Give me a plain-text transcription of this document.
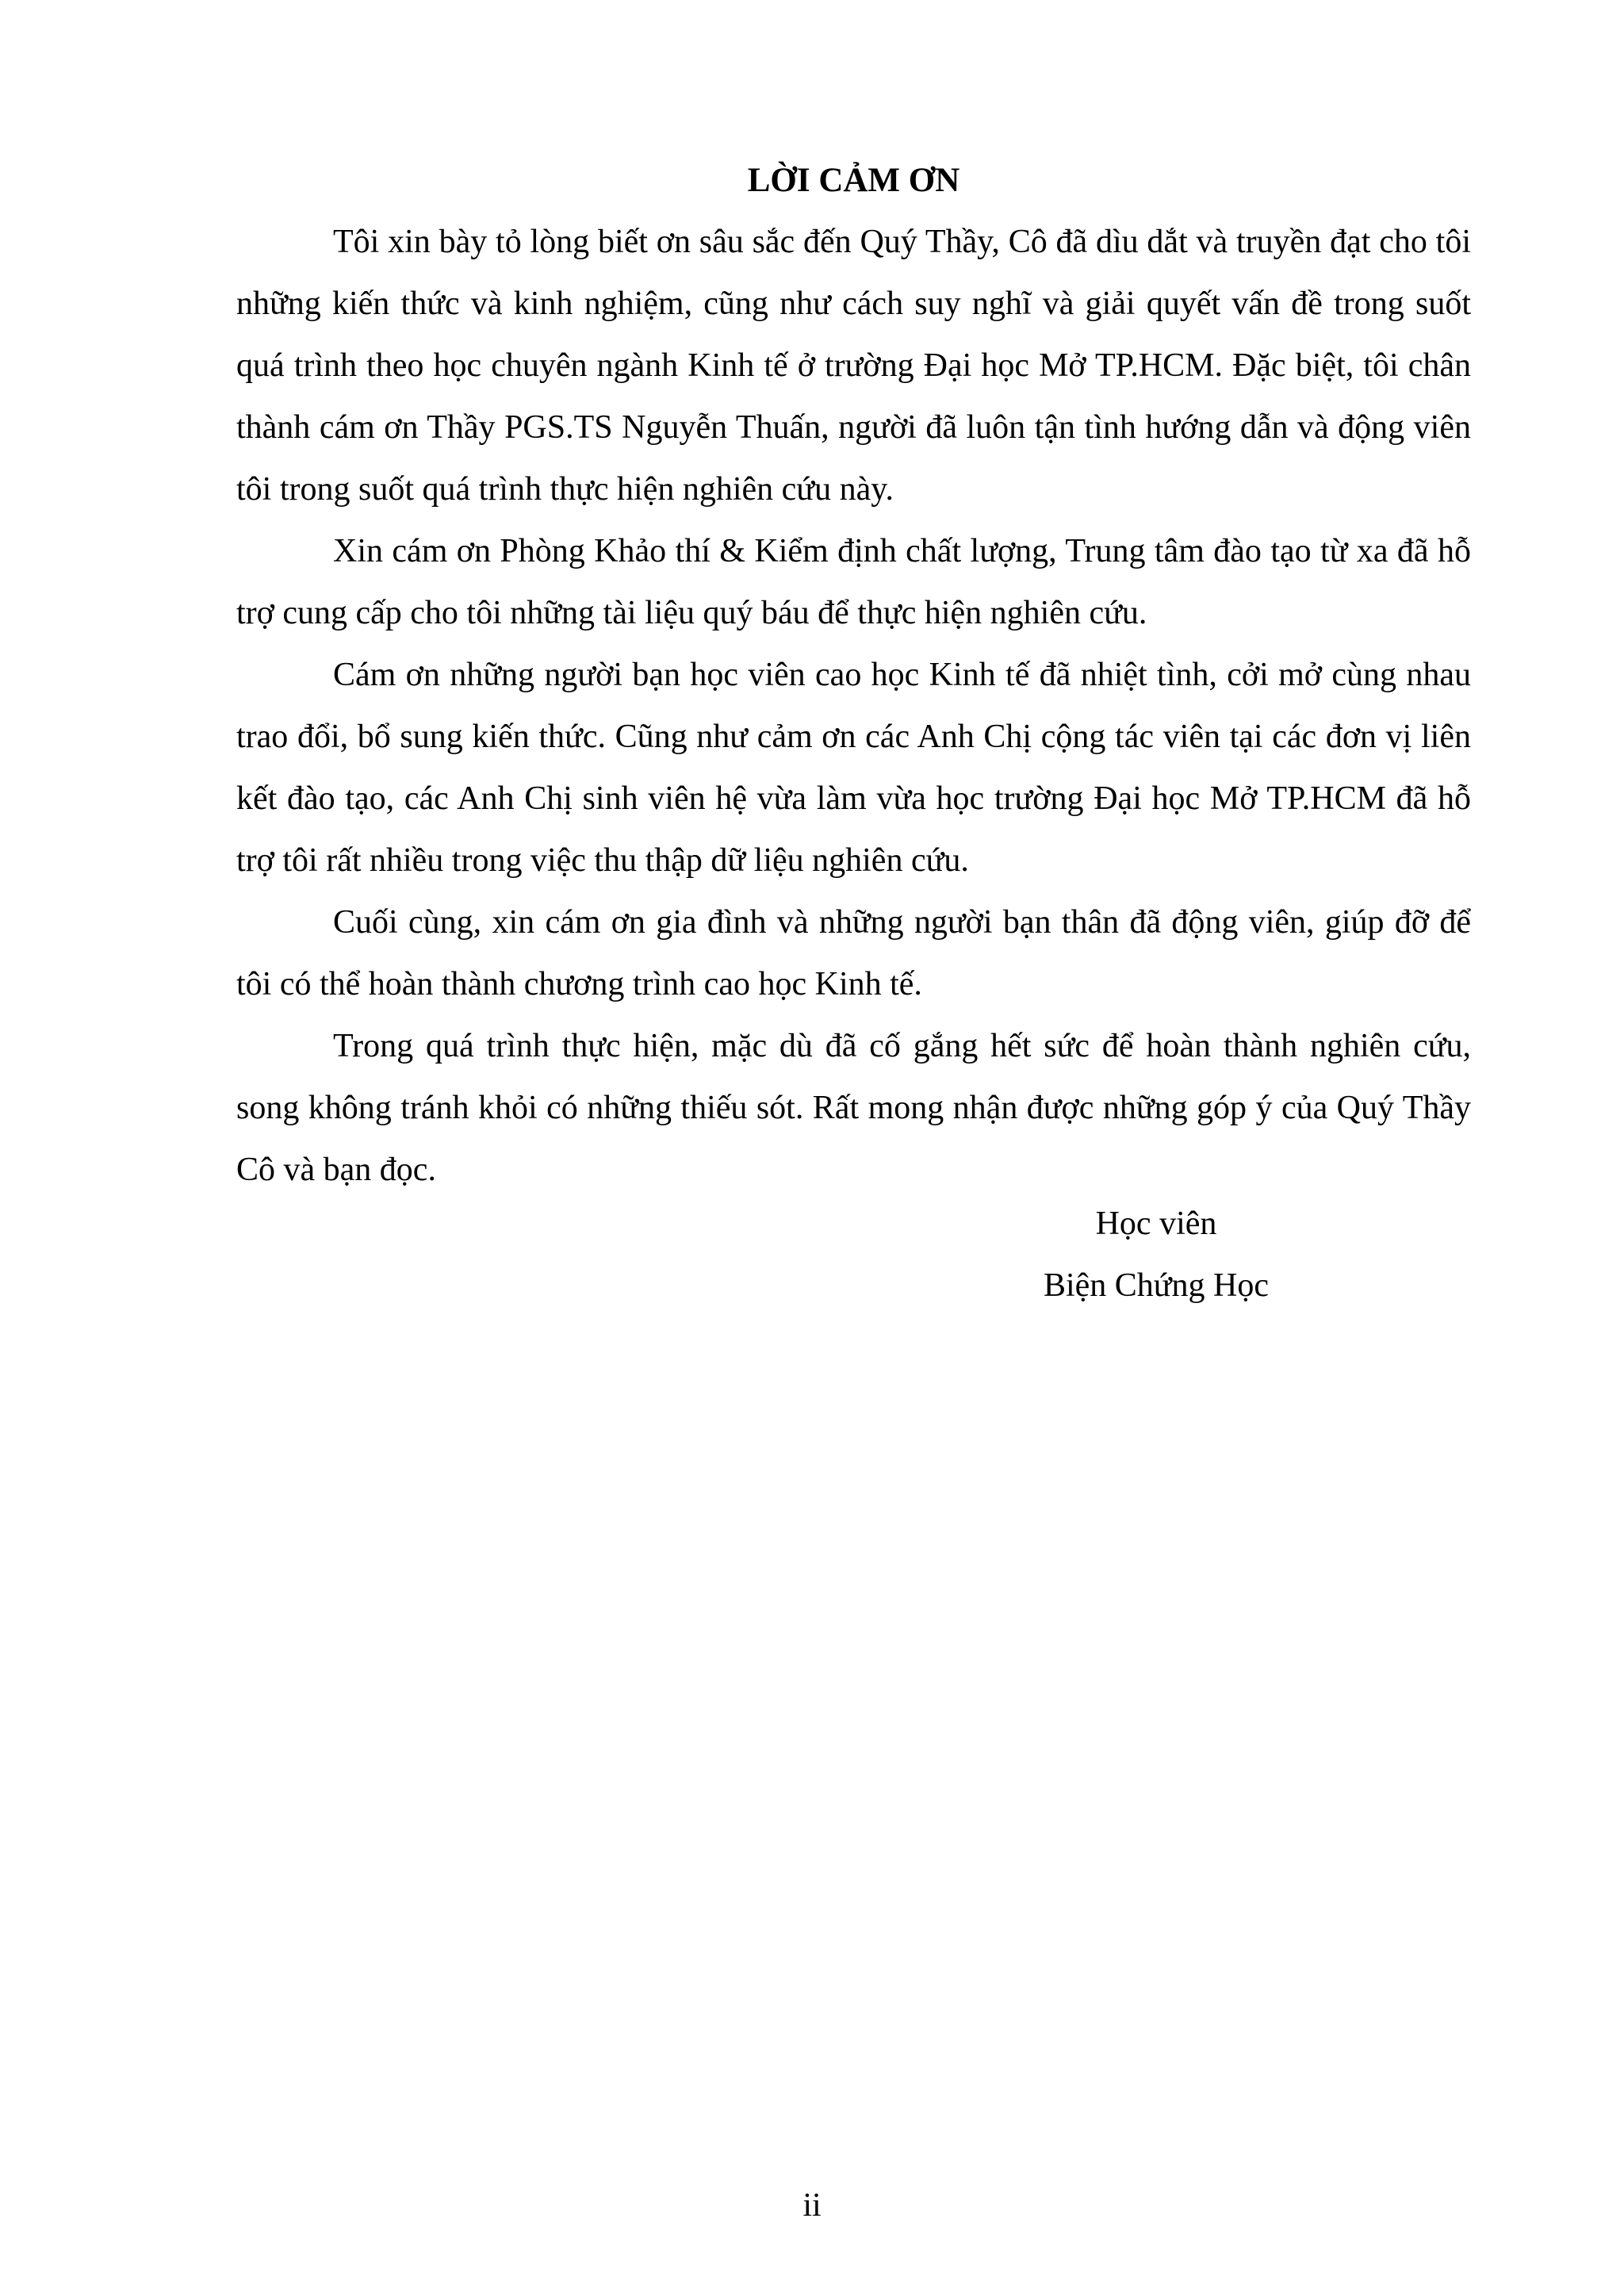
LỜI CẢM ƠN

Tôi xin bày tỏ lòng biết ơn sâu sắc đến Quý Thầy, Cô đã dìu dắt và truyền đạt cho tôi những kiến thức và kinh nghiệm, cũng như cách suy nghĩ và giải quyết vấn đề trong suốt quá trình theo học chuyên ngành Kinh tế ở trường Đại học Mở TP.HCM. Đặc biệt, tôi chân thành cám ơn Thầy PGS.TS Nguyễn Thuấn, người đã luôn tận tình hướng dẫn và động viên tôi trong suốt quá trình thực hiện nghiên cứu này.

Xin cám ơn Phòng Khảo thí & Kiểm định chất lượng, Trung tâm đào tạo từ xa đã hỗ trợ cung cấp cho tôi những tài liệu quý báu để thực hiện nghiên cứu.

Cám ơn những người bạn học viên cao học Kinh tế đã nhiệt tình, cởi mở cùng nhau trao đổi, bổ sung kiến thức. Cũng như cảm ơn các Anh Chị cộng tác viên tại các đơn vị liên kết đào tạo, các Anh Chị sinh viên hệ vừa làm vừa học trường Đại học Mở TP.HCM đã hỗ trợ tôi rất nhiều trong việc thu thập dữ liệu nghiên cứu.

Cuối cùng, xin cám ơn gia đình và những người bạn thân đã động viên, giúp đỡ để tôi có thể hoàn thành chương trình cao học Kinh tế.

Trong quá trình thực hiện, mặc dù đã cố gắng hết sức để hoàn thành nghiên cứu, song không tránh khỏi có những thiếu sót. Rất mong nhận được những góp ý của Quý Thầy Cô và bạn đọc.

Học viên
Biện Chứng Học
ii
